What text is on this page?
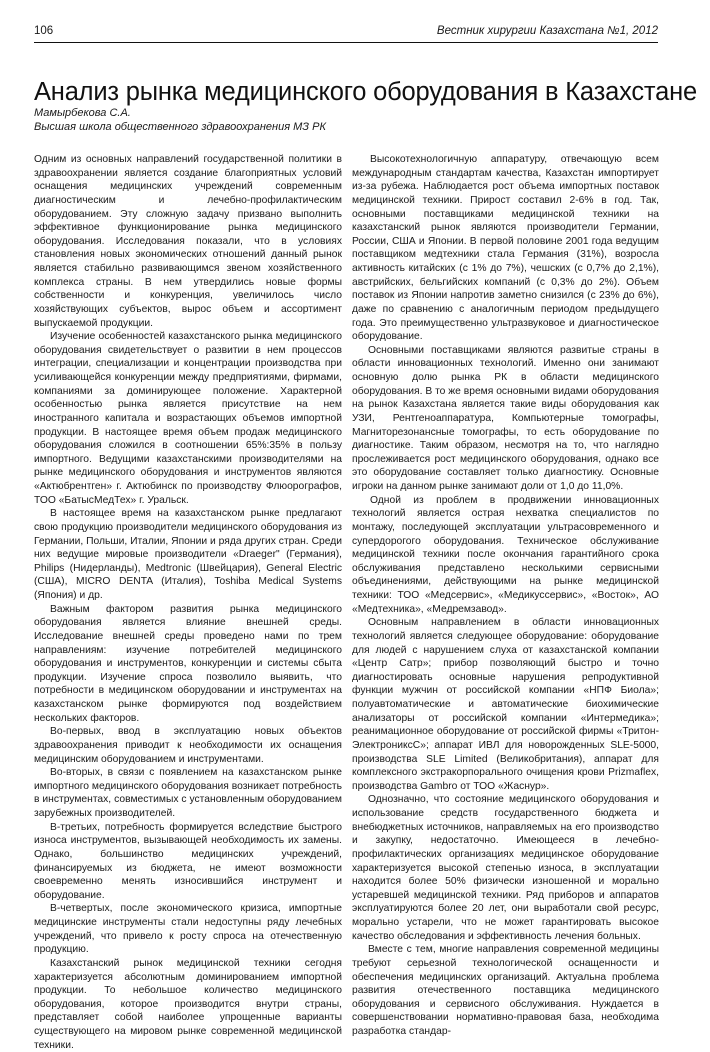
106	Вестник хирургии Казахстана №1, 2012
Анализ рынка медицинского оборудования в Казахстане
Мамырбекова С.А.
Высшая школа общественного здравоохранения МЗ РК

Одним из основных направлений государственной политики в здравоохранении является создание благоприятных условий оснащения медицинских учреждений современным диагностическим и лечебно-профилактическим оборудованием. Эту сложную задачу призвано выполнить эффективное функционирование рынка медицинского оборудования. Исследования показали, что в условиях становления новых экономических отношений данный рынок является стабильно развивающимся звеном хозяйственного комплекса страны. В нем утвердились новые формы собственности и конкуренция, увеличилось число хозяйствующих субъектов, вырос объем и ассортимент выпускаемой продукции.

Изучение особенностей казахстанского рынка медицинского оборудования свидетельствует о развитии в нем процессов интеграции, специализации и концентрации производства при усиливающейся конкуренции между предприятиями, фирмами, компаниями за доминирующее положение. Характерной особенностью рынка является присутствие на нем иностранного капитала и возрастающих объемов импортной продукции. В настоящее время объем продаж медицинского оборудования сложился в соотношении 65%:35% в пользу импортного. Ведущими казахстанскими производителями на рынке медицинского оборудования и инструментов являются «Актюбрентген» г. Актюбинск по производству Флюорографов, ТОО «БатысМедТех» г. Уральск.

В настоящее время на казахстанском рынке предлагают свою продукцию производители медицинского оборудования из Германии, Польши, Италии, Японии и ряда других стран. Среди них ведущие мировые производители «Draeger" (Германия), Philips (Нидерланды), Medtronic (Швейцария), General Electric (США), MICRO DENTA (Италия), Toshiba Medical Systems (Япония) и др.

Важным фактором развития рынка медицинского оборудования является влияние внешней среды. Исследование внешней среды проведено нами по трем направлениям: изучение потребителей медицинского оборудования и инструментов, конкуренции и системы сбыта продукции. Изучение спроса позволило выявить, что потребности в медицинском оборудовании и инструментах на казахстанском рынке формируются под воздействием нескольких факторов.

Во-первых, ввод в эксплуатацию новых объектов здравоохранения приводит к необходимости их оснащения медицинским оборудованием и инструментами.

Во-вторых, в связи с появлением на казахстанском рынке импортного медицинского оборудования возникает потребность в инструментах, совместимых с установленным оборудованием зарубежных производителей.

В-третьих, потребность формируется вследствие быстрого износа инструментов, вызывающей необходимость их замены. Однако, большинство медицинских учреждений, финансируемых из бюджета, не имеют возможности своевременно менять износившийся инструмент и оборудование.

В-четвертых, после экономического кризиса, импортные медицинские инструменты стали недоступны ряду лечебных учреждений, что привело к росту спроса на отечественную продукцию.

Казахстанский рынок медицинской техники сегодня характеризуется абсолютным доминированием импортной продукции. То небольшое количество медицинского оборудования, которое производится внутри страны, представляет собой наиболее упрощенные варианты существующего на мировом рынке современной медицинской техники.

Высокотехнологичную аппаратуру, отвечающую всем международным стандартам качества, Казахстан импортирует из-за рубежа. Наблюдается рост объема импортных поставок медицинской техники. Прирост составил 2-6% в год. Так, основными поставщиками медицинской техники на казахстанский рынок являются производители Германии, России, США и Японии. В первой половине 2001 года ведущим поставщиком медтехники стала Германия (31%), возросла активность китайских (с 1% до 7%), чешских (с 0,7% до 2,1%), австрийских, бельгийских компаний (с 0,3% до 2%). Объем поставок из Японии напротив заметно снизился (с 23% до 6%), даже по сравнению с аналогичным периодом предыдущего года. Это преимущественно ультразвуковое и диагностическое оборудование.

Основными поставщиками являются развитые страны в области инновационных технологий. Именно они занимают основную долю рынка РК в области медицинского оборудования. В то же время основными видами оборудования на рынок Казахстана является такие виды оборудования как УЗИ, Рентгеноаппаратура, Компьютерные томографы, Магниторезонансные томографы, то есть оборудование по диагностике. Таким образом, несмотря на то, что наглядно прослеживается рост медицинского оборудования, однако все это оборудование составляет только диагностику. Основные игроки на данном рынке занимают доли от 1,0 до 11,0%.

Одной из проблем в продвижении инновационных технологий является острая нехватка специалистов по монтажу, последующей эксплуатации ультрасовременного и супердорогого оборудования. Техническое обслуживание медицинской техники после окончания гарантийного срока обслуживания представлено несколькими сервисными объединениями, действующими на рынке медицинской техники: ТОО «Медсервис», «Медикуссервис», «Восток», АО «Медтехника», «Медремзавод».

Основным направлением в области инновационных технологий является следующее оборудование: оборудование для людей с нарушением слуха от казахстанской компании «Центр Сатр»; прибор позволяющий быстро и точно диагностировать основные нарушения репродуктивной функции мужчин от российской компании «НПФ Биола»; полуавтоматические и автоматические биохимические анализаторы от российской компании «Интермедика»; реанимационное оборудование от российской фирмы «Тритон-ЭлектрониксС»; аппарат ИВЛ для новорожденных SLE-5000, производства SLE Limited (Великобритания), аппарат для комплексного экстракорпорального очищения крови Prizmaflex, производства Gambro от ТОО «Жаснур».

Однозначно, что состояние медицинского оборудования и использование средств государственного бюджета и внебюджетных источников, направляемых на его производство и закупку, недостаточно. Имеющееся в лечебно-профилактических организациях медицинское оборудование характеризуется высокой степенью износа, в эксплуатации находится более 50% физически изношенной и морально устаревшей медицинской техники. Ряд приборов и аппаратов эксплуатируются более 20 лет, они выработали свой ресурс, морально устарели, что не может гарантировать высокое качество обследования и эффективность лечения больных.

Вместе с тем, многие направления современной медицины требуют серьезной технологической оснащенности и обеспечения медицинских организаций. Актуальна проблема развития отечественного поставщика медицинского оборудования и сервисного обслуживания. Нуждается в совершенствовании нормативно-правовая база, необходима разработка стандар-
